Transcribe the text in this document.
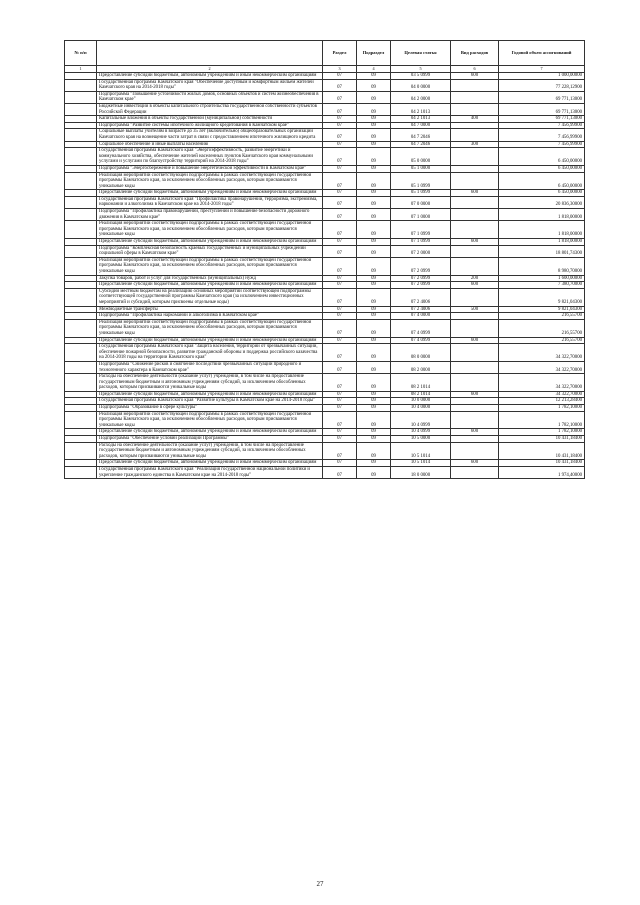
№ п/п		Раздел	Подраздел	Целевая статья	Вид расходов	Годовой объем ассигнований
1	2	3	4	5	6	7
	Предоставление субсидий бюджетным, автономным учреждениям и иным некоммерческим организациям	07	09	03 5 0999	600	1 000,00000
	Государственная программа Камчатского края "Обеспечение доступным и комфортным жильем жителей Камчатского края на 2014-2018 годы"	07	09	04 0 0000		77 228,12900
	Подпрограмма "Повышение устойчивости жилых домов, основных объектов и систем жизнеобеспечения в Камчатском крае"	07	09	04 2 0000		69 771,13000
	Бюджетные инвестиции в объекты капитального строительства государственной собственности субъектов Российской Федерации	07	09	04 2 1013		69 771,13000
	Капитальные вложения в объекты государственной (муниципальной) собственности	07	09	04 2 1013	400	69 771,13000
	Подпрограмма "Развитие системы ипотечного жилищного кредитования в Камчатском крае"	07	09	04 7 0000		7 456,99900
	Социальные выплаты учителям в возрасте до 35 лет (включительно) общеобразовательных организаций Камчатского края на возмещение части затрат в связи с предоставлением ипотечного жилищного кредита	07	09	04 7 2046		7 456,99900
	Социальное обеспечение и иные выплаты населению	07	09	04 7 2046	300	7 456,99900
	Государственная программа Камчатского края "Энергоэффективность, развитие энергетики и коммунального хозяйства, обеспечение жителей населенных пунктов Камчатского края коммунальными услугами и услугами по благоустройству территорий на 2014-2018 годы"	07	09	05 0 0000		6 450,00000
	Подпрограмма "Энергосбережение и повышение энергетической эффективности в Камчатском крае"	07	09	05 1 0000		6 450,00000
	Реализация мероприятий соответствующей подпрограммы в рамках соответствующей государственной программы Камчатского края, за исключением обособленных расходов, которым присваиваются уникальные коды	07	09	05 1 0999		6 450,00000
	Предоставление субсидий бюджетным, автономным учреждениям и иным некоммерческим организациям	07	09	05 1 0999	600	6 450,00000
	Государственная программа Камчатского края "Профилактика правонарушений, терроризма, экстремизма, наркомании и алкоголизма в Камчатском крае на 2014-2018 годы"	07	09	07 0 0000		20 836,30000
	Подпрограмма "Профилактика правонарушений, преступлений и повышение безопасности дорожного движения в Камчатском крае"	07	09	07 1 0000		1 818,00000
	Реализация мероприятий соответствующей подпрограммы в рамках соответствующей государственной программы Камчатского края, за исключением обособленных расходов, которым присваиваются уникальные коды	07	09	07 1 0999		1 818,00000
	Предоставление субсидий бюджетным, автономным учреждениям и иным некоммерческим организациям	07	09	07 1 0999	600	1 818,00000
	Подпрограмма "Комплексная безопасность краевых государственных и муниципальных учреждений социальной сферы в Камчатском крае"	07	09	07 2 0000		18 801,74300
	Реализация мероприятий соответствующей подпрограммы в рамках соответствующей государственной программы Камчатского края, за исключением обособленных расходов, которым присваиваются уникальные коды	07	09	07 2 0999		8 980,70000
	Закупка товаров, работ и услуг для государственных (муниципальных) нужд	07	09	07 2 0999	200	1 600,00000
	Предоставление субсидий бюджетным, автономным учреждениям и иным некоммерческим организациям	07	09	07 2 0999	600	7 380,70000
	Субсидии местным бюджетам на реализацию основных мероприятий соответствующей подпрограммы соответствующей государственной программы Камчатского края (за исключением инвестиционных мероприятий и субсидий, которым присвоены отдельные коды)	07	09	07 2 4006		9 821,04300
	Межбюджетные трансферты	07	09	07 2 4006	500	9 821,04300
	Подпрограмма "Профилактика наркомании и алкоголизма в Камчатском крае"	07	09	07 4 0000		216,55700
	Реализация мероприятий соответствующей подпрограммы в рамках соответствующей государственной программы Камчатского края, за исключением обособленных расходов, которым присваиваются уникальные коды	07	09	07 4 0999		216,55700
	Предоставление субсидий бюджетным, автономным учреждениям и иным некоммерческим организациям	07	09	07 4 0999	600	216,55700
	Государственная программа Камчатского края "Защита населения, территорий от чрезвычайных ситуаций, обеспечение пожарной безопасности, развитие гражданской обороны и поддержка российского казачества на 2014-2018 годы на территории Камчатского края"	07	09	08 0 0000		34 322,70000
	Подпрограмма "Снижение рисков и смягчение последствий чрезвычайных ситуаций природного и техногенного характера в Камчатском крае"	07	09	08 2 0000		34 322,70000
	Расходы на обеспечение деятельности (оказание услуг) учреждений, в том числе на предоставление государственным бюджетным и автономным учреждениям субсидий, за исключением обособленных расходов, которым присваиваются уникальные коды	07	09	08 2 1014		34 322,70000
	Предоставление субсидий бюджетным, автономным учреждениям и иным некоммерческим организациям	07	09	08 2 1014	600	34 322,70000
	Государственная программа Камчатского края "Развитие культуры в Камчатском крае на 2014-2018 годы"	07	09	10 0 0000		12 213,28400
	Подпрограмма "Образование в сфере культуры"	07	09	10 4 0000		1 782,10000
	Реализация мероприятий соответствующей подпрограммы в рамках соответствующей государственной программы Камчатского края, за исключением обособленных расходов, которым присваиваются уникальные коды	07	09	10 4 0999		1 782,10000
	Предоставление субсидий бюджетным, автономным учреждениям и иным некоммерческим организациям	07	09	10 4 0999	600	1 782,10000
	Подпрограмма "Обеспечение условий реализации Программы"	07	09	10 5 0000		10 431,18400
	Расходы на обеспечение деятельности (оказание услуг) учреждений, в том числе на предоставление государственным бюджетным и автономным учреждениям субсидий, за исключением обособленных расходов, которым присваиваются уникальные коды	07	09	10 5 1014		10 431,18400
	Предоставление субсидий бюджетным, автономным учреждениям и иным некоммерческим организациям	07	09	10 5 1014	600	10 431,18400
	Государственная программа Камчатского края "Реализация государственной национальной политики и укрепление гражданского единства в Камчатском крае на 2014-2018 годы"	07	09	18 0 0000		1 974,40000
27
